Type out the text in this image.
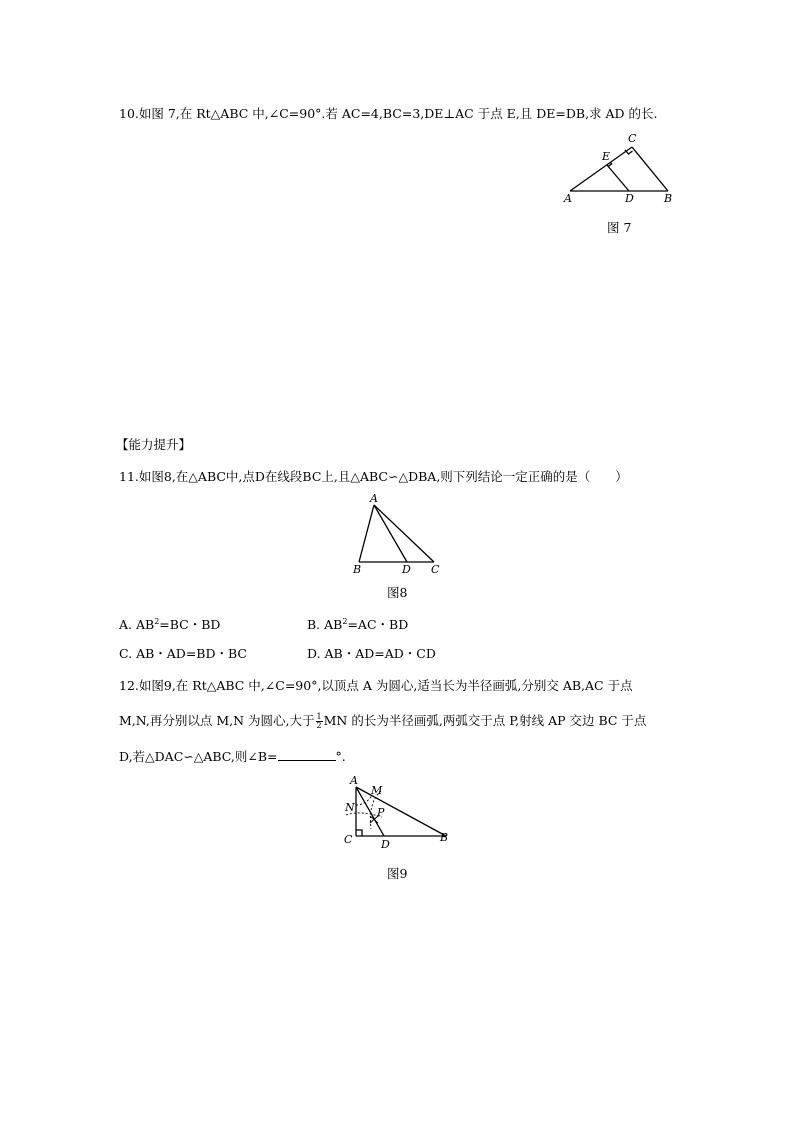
10.如图 7,在 Rt△ABC 中,∠C=90°.若 AC=4,BC=3,DE⊥AC 于点 E,且 DE=DB,求 AD 的长.
C
E
A	D	B
图 7
【能力提升】
11.如图8,在△ABC中,点D在线段BC上,且△ABC∽△DBA,则下列结论一定正确的是（　　）
A
B	D C
图8
A. $AB^2=BC$・BD	B. $AB^2=AC$・BD
C. AB・AD=BD・BC	D. AB・AD=AD・CD
12.如图9,在 Rt△ABC 中,∠C=90°,以顶点 A 为圆心,适当长为半径画弧,分别交 AB,AC 于点
M,N,再分别以点 M,N 为圆心,大于 $\frac{1}{2}$ MN 的长为半径画弧,两弧交于点 P,射线 AP 交边 BC 于点
D,若△DAC∽△ABC,则∠B=	°.
A
M
N P
C	D
B
图9
